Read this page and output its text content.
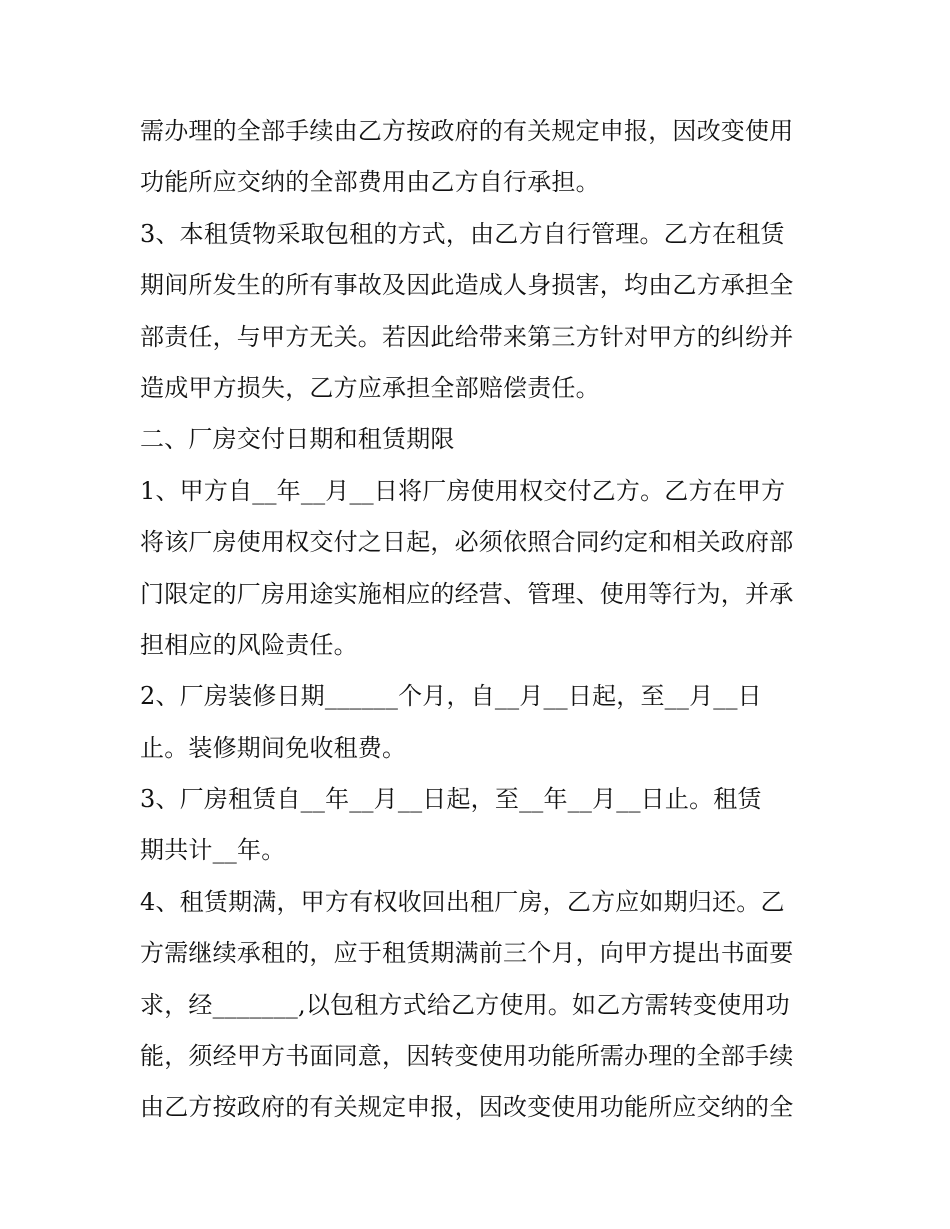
需办理的全部手续由乙方按政府的有关规定申报，因改变使用
功能所应交纳的全部费用由乙方自行承担。
3、本租赁物采取包租的方式，由乙方自行管理。乙方在租赁
期间所发生的所有事故及因此造成人身损害，均由乙方承担全
部责任，与甲方无关。若因此给带来第三方针对甲方的纠纷并
造成甲方损失，乙方应承担全部赔偿责任。
二、厂房交付日期和租赁期限
1、甲方自__年__月__日将厂房使用权交付乙方。乙方在甲方
将该厂房使用权交付之日起，必须依照合同约定和相关政府部
门限定的厂房用途实施相应的经营、管理、使用等行为，并承
担相应的风险责任。
2、厂房装修日期______个月，自__月__日起，至__月__日
止。装修期间免收租费。
3、厂房租赁自__年__月__日起，至__年__月__日止。租赁
期共计__年。
4、租赁期满，甲方有权收回出租厂房，乙方应如期归还。乙
方需继续承租的，应于租赁期满前三个月，向甲方提出书面要
求，经_______,以包租方式给乙方使用。如乙方需转变使用功
能，须经甲方书面同意，因转变使用功能所需办理的全部手续
由乙方按政府的有关规定申报，因改变使用功能所应交纳的全
